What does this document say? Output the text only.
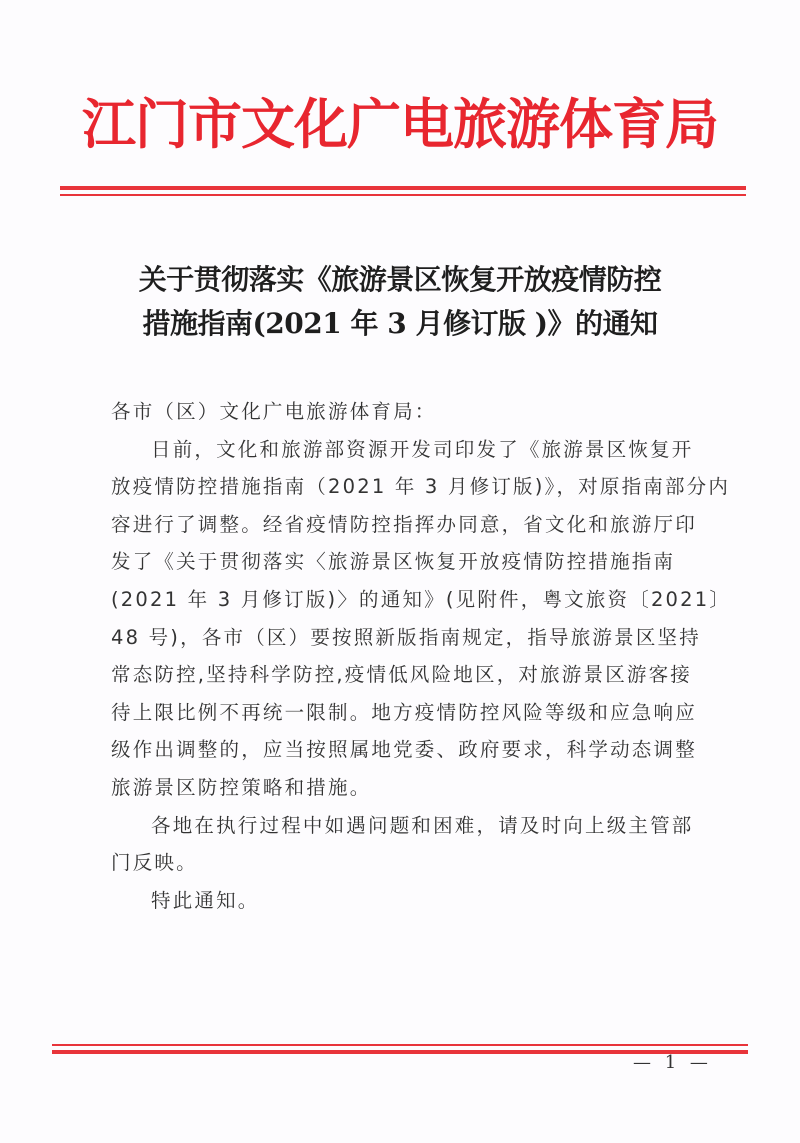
江门市文化广电旅游体育局
关于贯彻落实《旅游景区恢复开放疫情防控
措施指南(2021 年 3 月修订版 )》的通知
各市（区）文化广电旅游体育局：
日前，文化和旅游部资源开发司印发了《旅游景区恢复开
放疫情防控措施指南（2021 年 3 月修订版)》，对原指南部分内
容进行了调整。经省疫情防控指挥办同意，省文化和旅游厅印
发了《关于贯彻落实〈旅游景区恢复开放疫情防控措施指南
(2021 年 3 月修订版)〉的通知》(见附件，粤文旅资〔2021〕
48 号)，各市（区）要按照新版指南规定，指导旅游景区坚持
常态防控,坚持科学防控,疫情低风险地区，对旅游景区游客接
待上限比例不再统一限制。地方疫情防控风险等级和应急响应
级作出调整的，应当按照属地党委、政府要求，科学动态调整
旅游景区防控策略和措施。
各地在执行过程中如遇问题和困难，请及时向上级主管部
门反映。
特此通知。
— 1 —
